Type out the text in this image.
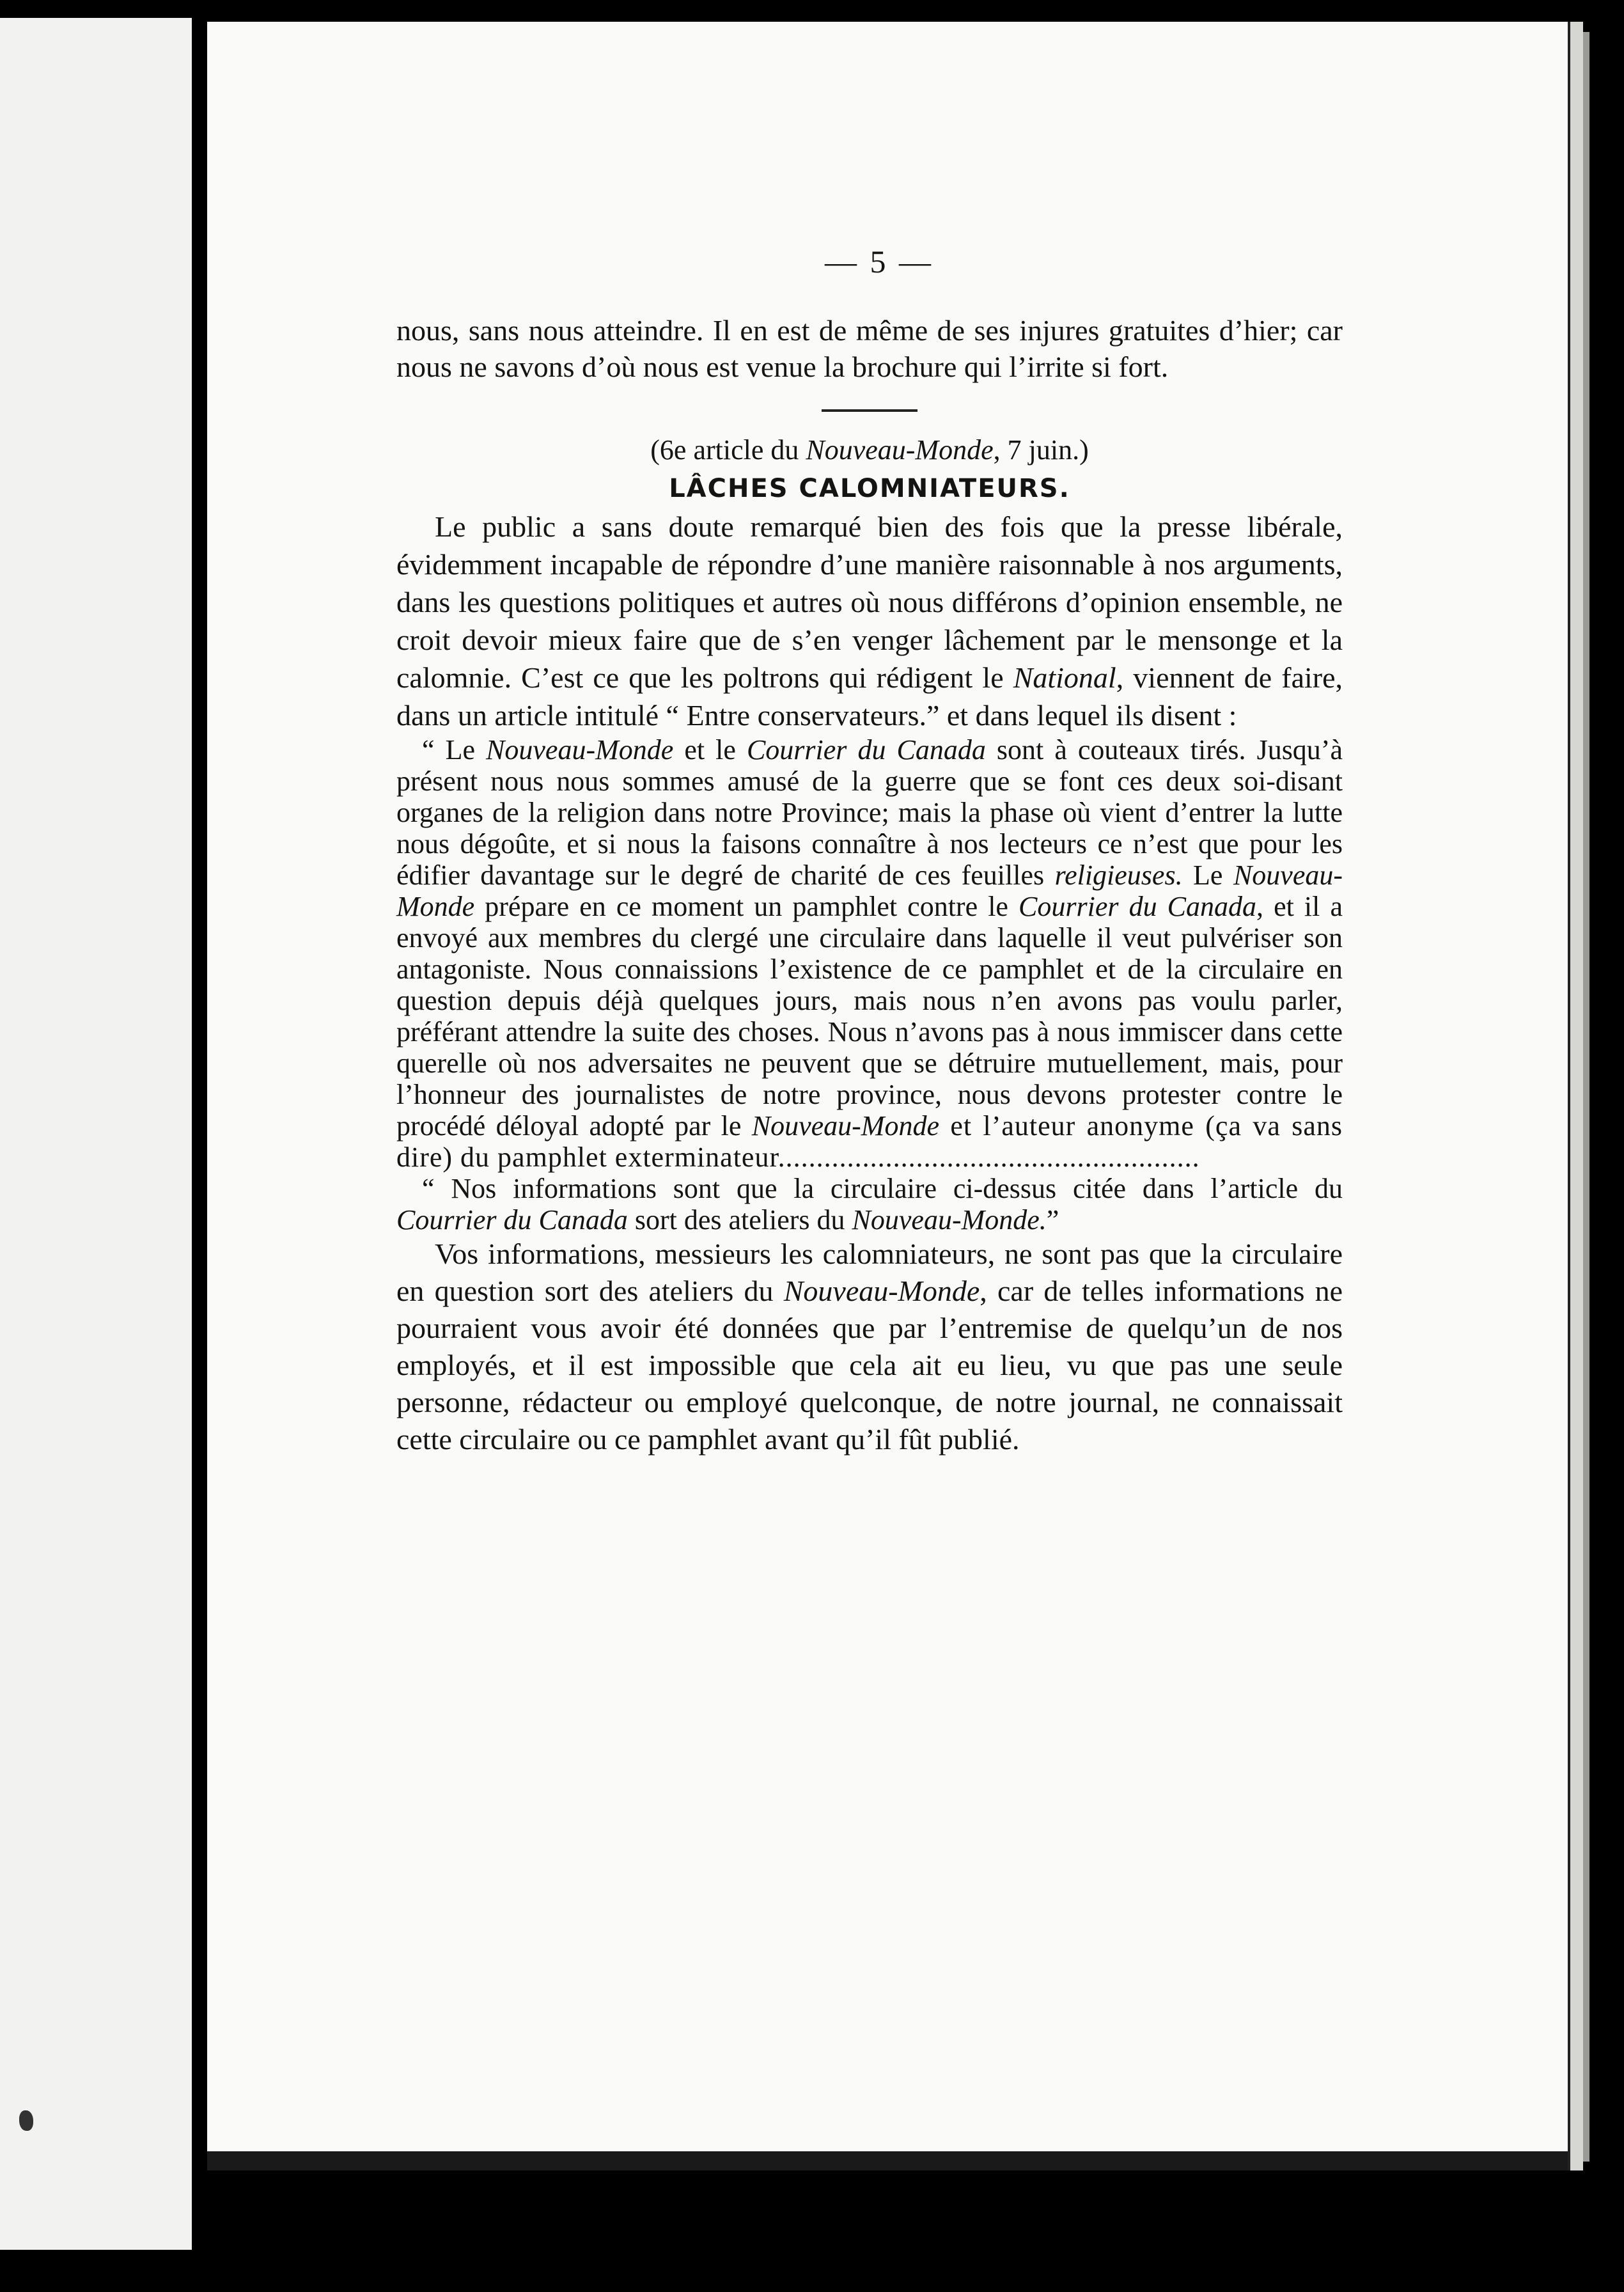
— 5 —

nous, sans nous atteindre. Il en est de même de ses injures gratuites d’hier; car nous ne savons d’où nous est venue la brochure qui l’irrite si fort.

(6e article du Nouveau-Monde, 7 juin.)

LÂCHES CALOMNIATEURS.

Le public a sans doute remarqué bien des fois que la presse libérale, évidemment incapable de répondre d’une manière raisonnable à nos arguments, dans les questions politiques et autres où nous différons d’opinion ensemble, ne croit devoir mieux faire que de s’en venger lâchement par le mensonge et la calomnie. C’est ce que les poltrons qui rédigent le National, viennent de faire, dans un article intitulé “ Entre conservateurs.” et dans lequel ils disent :

“ Le Nouveau-Monde et le Courrier du Canada sont à couteaux tirés. Jusqu’à présent nous nous sommes amusé de la guerre que se font ces deux soi-disant organes de la religion dans notre Province; mais la phase où vient d’entrer la lutte nous dégoûte, et si nous la faisons connaître à nos lecteurs ce n’est que pour les édifier davantage sur le degré de charité de ces feuilles religieuses. Le Nouveau-Monde prépare en ce moment un pamphlet contre le Courrier du Canada, et il a envoyé aux membres du clergé une circulaire dans laquelle il veut pulvériser son antagoniste. Nous connaissions l’existence de ce pamphlet et de la circulaire en question depuis déjà quelques jours, mais nous n’en avons pas voulu parler, préférant attendre la suite des choses. Nous n’avons pas à nous immiscer dans cette querelle où nos adversaites ne peuvent que se détruire mutuellement, mais, pour l’honneur des journalistes de notre province, nous devons protester contre le procédé déloyal adopté par le Nouveau-Monde et l’auteur anonyme (ça va sans dire) du pamphlet exterminateur.......................................................

“ Nos informations sont que la circulaire ci-dessus citée dans l’article du Courrier du Canada sort des ateliers du Nouveau-Monde.”

Vos informations, messieurs les calomniateurs, ne sont pas que la circulaire en question sort des ateliers du Nouveau-Monde, car de telles informations ne pourraient vous avoir été données que par l’entremise de quelqu’un de nos employés, et il est impossible que cela ait eu lieu, vu que pas une seule personne, rédacteur ou employé quelconque, de notre journal, ne connaissait cette circulaire ou ce pamphlet avant qu’il fût publié.
